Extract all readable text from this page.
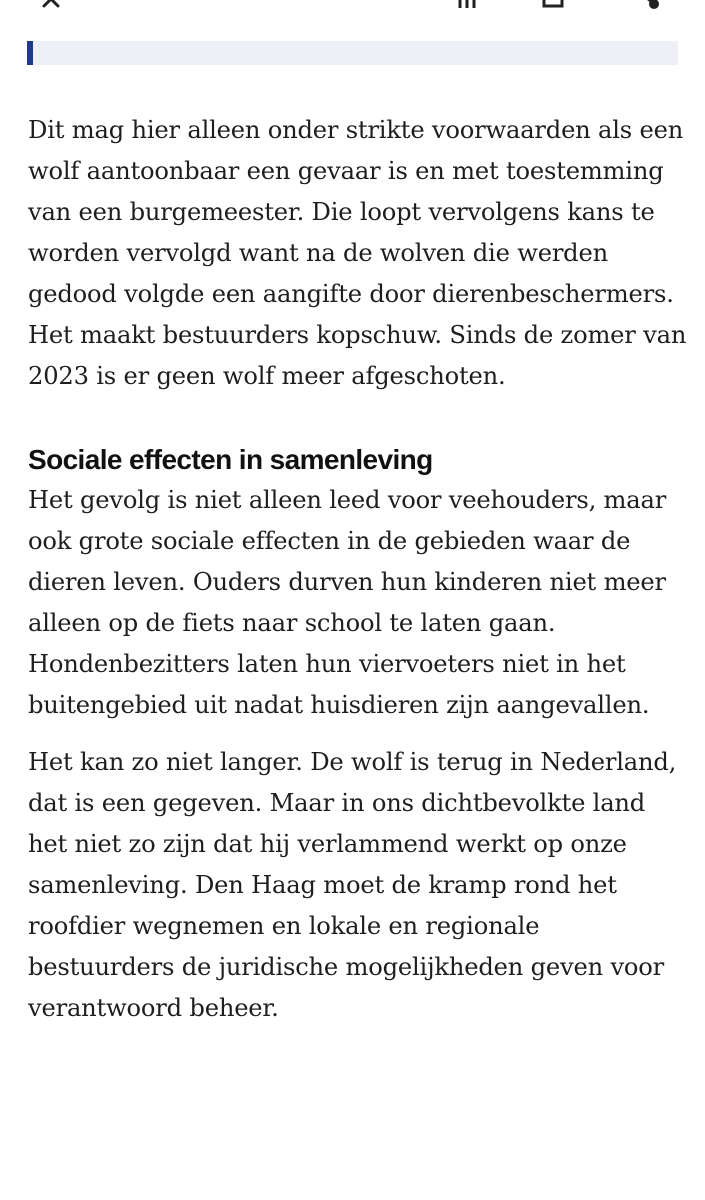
Dit mag hier alleen onder strikte voorwaarden als een wolf aantoonbaar een gevaar is en met toestemming van een burgemeester. Die loopt vervolgens kans te worden vervolgd want na de wolven die werden gedood volgde een aangifte door dierenbeschermers. Het maakt bestuurders kopschuw. Sinds de zomer van 2023 is er geen wolf meer afgeschoten.

Sociale effecten in samenleving

Het gevolg is niet alleen leed voor veehouders, maar ook grote sociale effecten in de gebieden waar de dieren leven. Ouders durven hun kinderen niet meer alleen op de fiets naar school te laten gaan. Hondenbezitters laten hun viervoeters niet in het buitengebied uit nadat huisdieren zijn aangevallen.

Het kan zo niet langer. De wolf is terug in Nederland, dat is een gegeven. Maar in ons dichtbevolkte land het niet zo zijn dat hij verlammend werkt op onze samenleving. Den Haag moet de kramp rond het roofdier wegnemen en lokale en regionale bestuurders de juridische mogelijkheden geven voor verantwoord beheer.
